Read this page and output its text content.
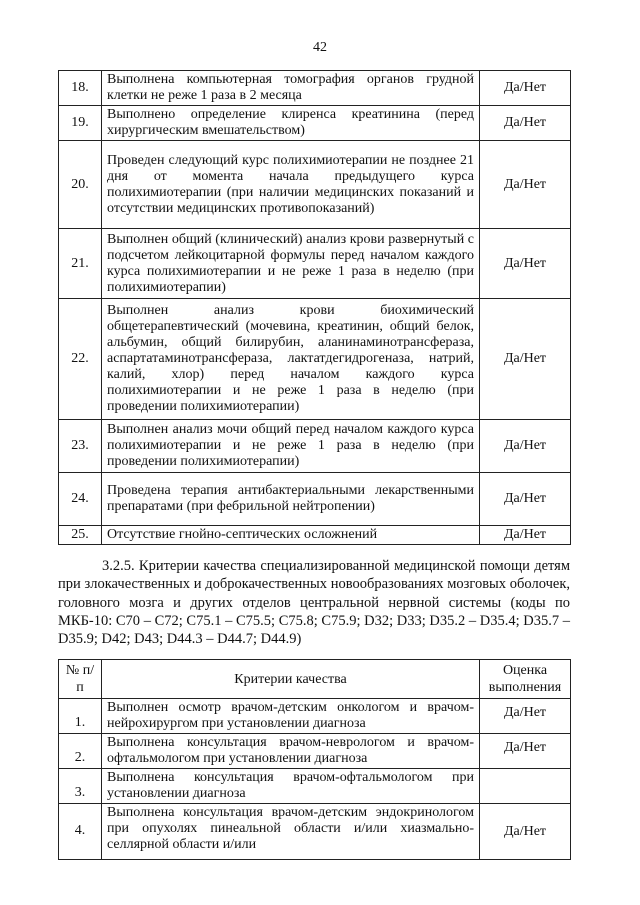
42
18.	Выполнена компьютерная томография органов грудной клетки не реже 1 раза в 2 месяца	Да/Нет
19.	Выполнено определение клиренса креатинина (перед хирургическим вмешательством)	Да/Нет
20.	Проведен следующий курс полихимиотерапии не позднее 21 дня от момента начала предыдущего курса полихимиотерапии (при наличии медицинских показаний и отсутствии медицинских противопоказаний)	Да/Нет
21.	Выполнен общий (клинический) анализ крови развернутый с подсчетом лейкоцитарной формулы перед началом каждого курса полихимиотерапии и не реже 1 раза в неделю (при полихимиотерапии)	Да/Нет
22.	Выполнен анализ крови биохимический общетерапевтический (мочевина, креатинин, общий белок, альбумин, общий билирубин, аланинаминотрансфераза, аспартатаминотрансфераза, лактатдегидрогеназа, натрий, калий, хлор) перед началом каждого курса полихимиотерапии и не реже 1 раза в неделю (при проведении полихимиотерапии)	Да/Нет
23.	Выполнен анализ мочи общий перед началом каждого курса полихимиотерапии и не реже 1 раза в неделю (при проведении полихимиотерапии)	Да/Нет
24.	Проведена терапия антибактериальными лекарственными препаратами (при фебрильной нейтропении)	Да/Нет
25.	Отсутствие гнойно-септических осложнений	Да/Нет

3.2.5. Критерии качества специализированной медицинской помощи детям при злокачественных и доброкачественных новообразованиях мозговых оболочек, головного мозга и других отделов центральной нервной системы (коды по МКБ-10: C70 – C72; C75.1 – C75.5; C75.8; C75.9; D32; D33; D35.2 – D35.4; D35.7 – D35.9; D42; D43; D44.3 – D44.7; D44.9)

№ п/п	Критерии качества	Оценка выполнения
1.	Выполнен осмотр врачом-детским онкологом и врачом-нейрохирургом при установлении диагноза	Да/Нет
2.	Выполнена консультация врачом-неврологом и врачом-офтальмологом при установлении диагноза	Да/Нет
3.	Выполнена консультация врачом-офтальмологом при установлении диагноза	
4.	Выполнена консультация врачом-детским эндокринологом при опухолях пинеальной области и/или хиазмально-селлярной области и/или	Да/Нет
